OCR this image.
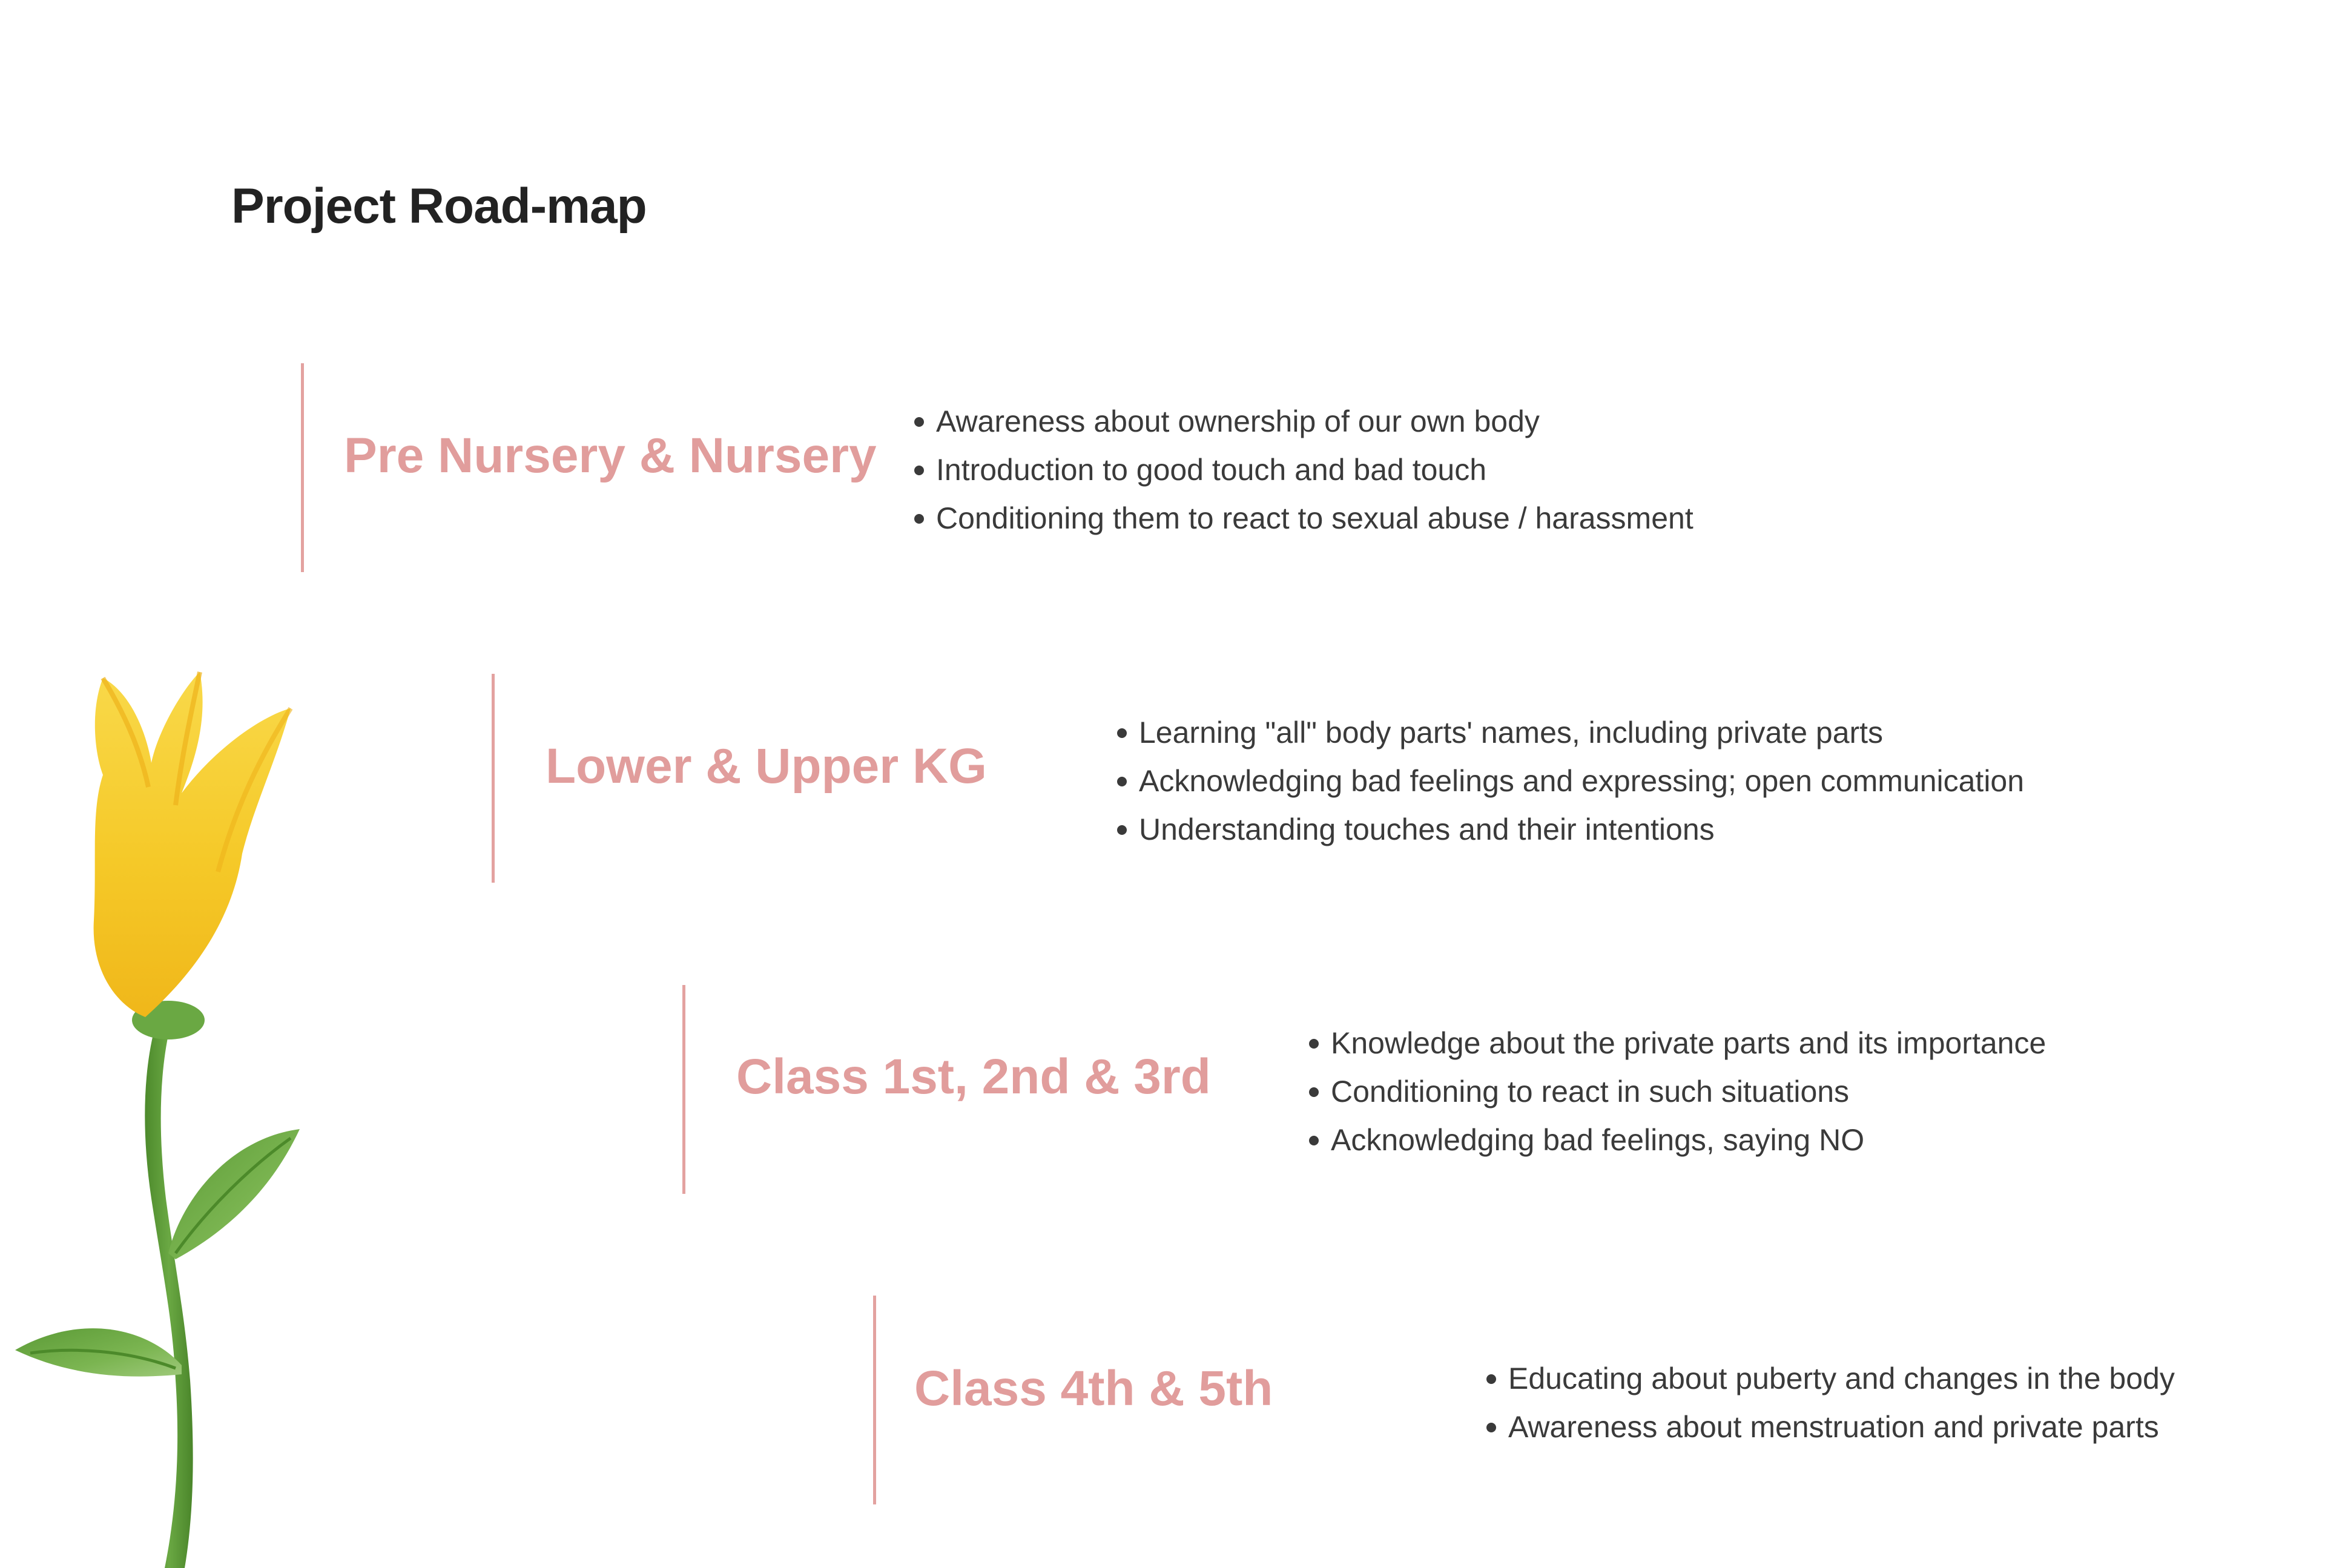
Project Road-map
Pre Nursery & Nursery
Awareness about ownership of our own body
Introduction to good touch and bad touch
Conditioning them to react to sexual abuse / harassment
Lower & Upper KG
Learning "all" body parts' names, including private parts
Acknowledging bad feelings and expressing; open communication
Understanding touches and their intentions
Class 1st, 2nd & 3rd
Knowledge about the private parts and its importance
Conditioning to react in such situations
Acknowledging bad feelings, saying NO
Class 4th & 5th	Educating about puberty and changes in the body
Awareness about menstruation and private parts
